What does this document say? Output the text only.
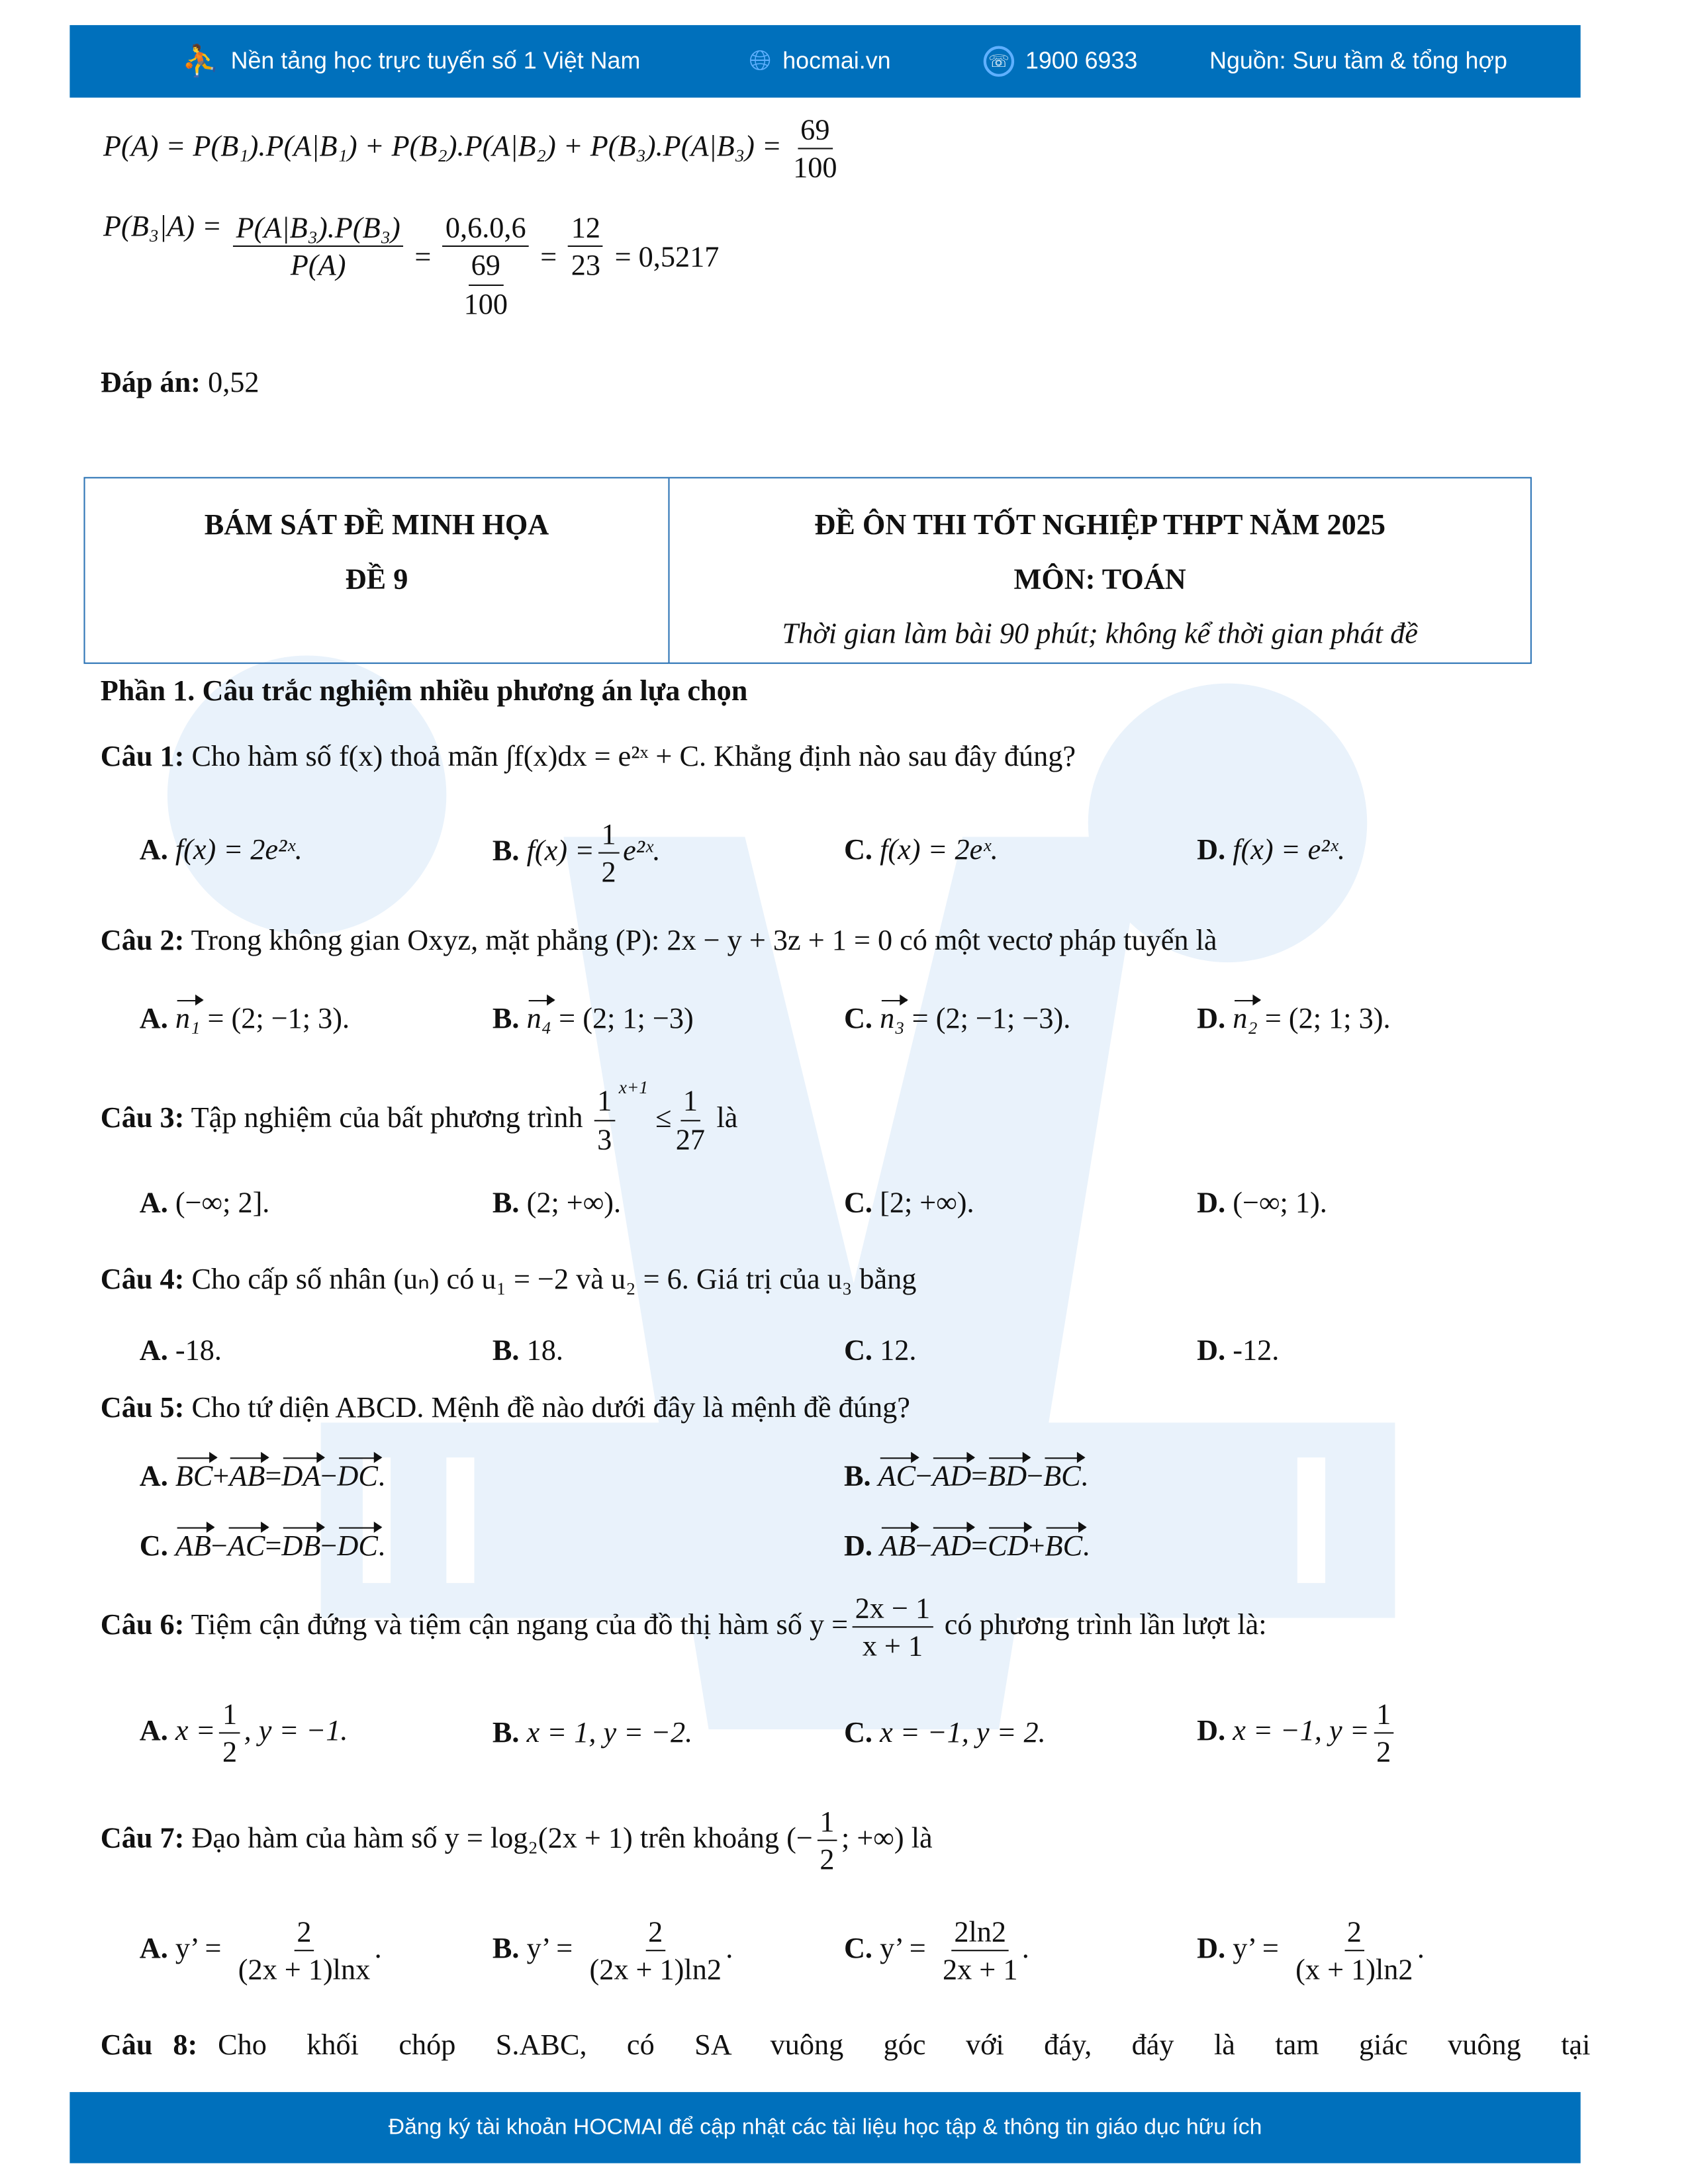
⛹ Nền tảng học trực tuyến số 1 Việt Nam	🌐︎ hocmai.vn	☏	1900 6933	Nguồn: Sưu tầm & tổng hợp
$P(A) = P(B_1).P(A|B_1) + P(B_2).P(A|B_2) + P(B_3).P(A|B_3) = \frac{69}{100}$
$P(B_3|A) = \frac{\text{P(A|B₃).P(B₃)}}{P(A)} = \frac{0,6.0,6}{\frac{69}{100}} = \frac{12}{23} = 0,5217$
Đáp án: 0,52
BÁM SÁT ĐỀ MINH HỌA
ĐỀ 9
ĐỀ ÔN THI TỐT NGHIỆP THPT NĂM 2025
MÔN: TOÁN
Thời gian làm bài 90 phút; không kể thời gian phát đề
Phần 1. Câu trắc nghiệm nhiều phương án lựa chọn
Câu 1: Cho hàm số f(x) thoả mãn ∫f(x)dx = e²ˣ + C. Khẳng định nào sau đây đúng?
A. f(x) = 2e²ˣ.	B. $f(x) = \frac{1}{2}$ e²ˣ.	C. f(x) = 2eˣ.	D. f(x) = e²ˣ.
Câu 2: Trong không gian Oxyz, mặt phẳng (P): 2x − y + 3z + 1 = 0 có một vectơ pháp tuyến là
A. n₁ = (2; −1; 3).	B. n₄ = (2; 1; −3)	C. n₃ = (2; −1; −3).	D. n₂ = (2; 1; 3).
Câu 3: Tập nghiệm của bất phương trình $\frac{1}{3} ^{x+1} \le \frac{1}{27}$ là
A. (−∞; 2].	B. (2; +∞).	C. [2; +∞).	D. (−∞; 1).
Câu 4: Cho cấp số nhân (uₙ) có u₁ = −2 và u₂ = 6. Giá trị của u₃ bằng
A. -18.	B. 18.	C. 12.	D. -12.
Câu 5: Cho tứ diện ABCD. Mệnh đề nào dưới đây là mệnh đề đúng?
A. BC+AB=DA−DC.	B. AC−AD=BD−BC.
C. AB−AC=DB−DC.	D. AB−AD=CD+BC.
Câu 6: Tiệm cận đứng và tiệm cận ngang của đồ thị hàm số $y = \frac{2x - 1}{x + 1}$ có phương trình lần lượt là:
A. $x = \frac{1}{2}$ , y = −1.	B. x = 1, y = −2.	C. x = −1, y = 2.	D. x = −1, $y = \frac{1}{2}$
Câu 7: Đạo hàm của hàm số y = log₂(2x + 1) trên khoảng (− $\frac{1}{2}$ ; +∞) là
A. y’ = $\frac{2}{(2x + 1)\ln x}$ .	B. y’ = $\frac{2}{(2x + 1)\ln 2}$ .	C. y’ = $\frac{2\ln 2}{2x + 1}$ .	D. y’ = $\frac{2}{(x + 1)\ln 2}$ .
Câu 8: Cho khối chóp S.ABC, có SA vuông góc với đáy, đáy là tam giác vuông tại
Đăng ký tài khoản HOCMAI để cập nhật các tài liệu học tập & thông tin giáo dục hữu ích
